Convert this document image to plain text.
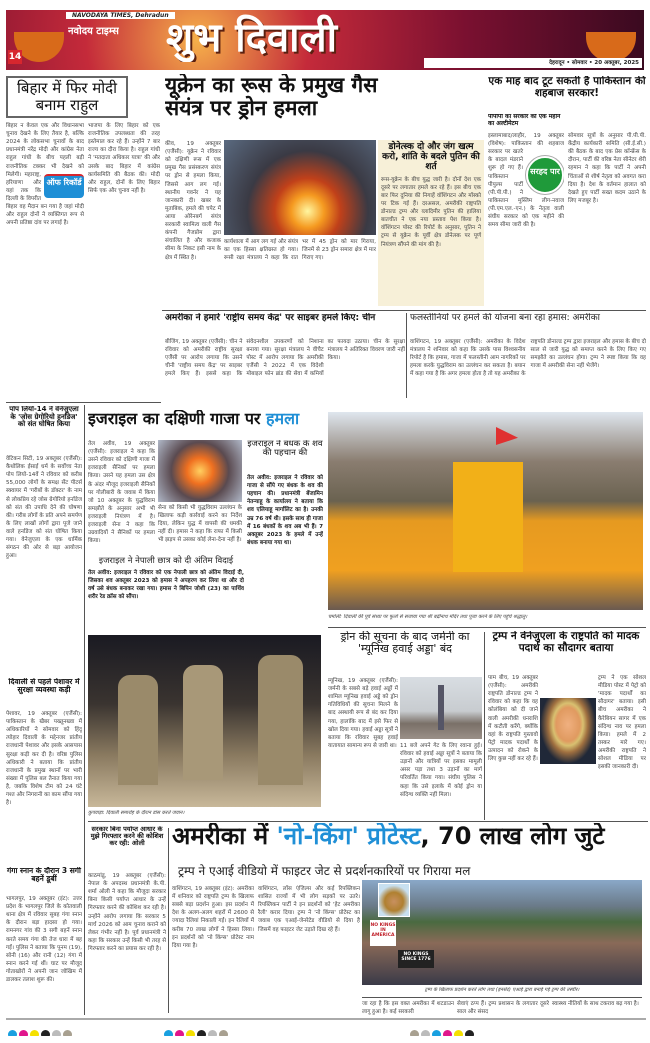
NAVODAYA TIMES, Dehradun
नवोदय टाइम्स शुभ दिवाली
14
देहरादून • सोमवार • 20 अक्तूबर, 2025
बिहार में फिर मोदी बनाम राहुल
ऑफ रिकॉर्ड
बिहार न केवल एक और विधानसभा चुनाव देखने के लिए तैयार है, बल्कि 2024 के लोकसभा चुनावों के बाद प्रधानमंत्री नरेंद्र मोदी और कांग्रेस नेता राहुल गांधी के बीच पहली बड़ी राजनीतिक टक्कर भी देखने को मिलेगी। महाराष्ट्र, हरियाणा और यहां तक कि दिल्ली के विपरीत बिहार वह मैदान बन गया है जहां मोदी और राहुल दोनों ने व्यक्तिगत रूप से अपनी प्रतिष्ठा दांव पर लगाई है।
भाजपा के लिए बिहार को एक राजनीतिक उपलब्धता की तरह इस्तेमाल कर रहे हैं। उन्होंने 7 बार राज्य का दौरा किया है। राहुल गांधी ने 'मतदाता अधिकार यात्रा' की और उसके बाद बिहार में कांग्रेस कार्यसमिति की बैठक की। मोदी और राहुल, दोनों के लिए बिहार सिर्फ एक और चुनाव नहीं है।
यूक्रेन का रूस के प्रमुख गैस संयंत्र पर ड्रोन हमला
कीव, 19 अक्तूबर (एजैंसी): यूक्रेन ने रविवार को दक्षिणी रूस में एक प्रमुख गैस प्रसंस्करण संयंत्र पर ड्रोन से हमला किया, जिससे आग लग गई। स्थानीय गवर्नर ने यह जानकारी दी। खबर के मुताबिक, हमले की चपेट में आया ओरेनबर्ग संयंत्र सरकारी स्वामित्व वाली गैस कंपनी गैजप्रोम द्वारा संचालित है और कजाक सीमा के निकट इसी नाम के क्षेत्र में स्थित है।
कार्यशाला में आग लग गई और संयंत्र का एक हिस्सा क्षतिग्रस्त हो गया। रूसी रक्षा मंत्रालय ने कहा कि रात भर में 45 ड्रोन को मार गिराया, जिनमें से 23 ड्रोन समारा क्षेत्र में मार गिराए गए।
डोनेत्स्क दो और जंग खत्म करो, शांति के बदले पुतिन की शर्त
रूस-यूक्रेन के बीच युद्ध जारी है। दोनों देश एक दूसरे पर लगातार हमले कर रहे हैं। इस बीच एक बार फिर दुनिया की निगाहें वॉशिंगटन और मॉस्को पर टिक गई हैं। दरअसल, अमरीकी राष्ट्रपति डोनाल्ड ट्रम्प और व्लादिमीर पुतिन की हालिया बातचीत ने एक नया प्रस्ताव पेश किया है। वॉशिंगटन पोस्ट की रिपोर्ट के अनुसार, पुतिन ने ट्रम्प से यूक्रेन के पूर्वी क्षेत्र डोनेत्स्क पर पूर्ण नियंत्रण सौंपने की मांग की है।
एक माह बाद टूट सकती है पाकिस्तान की शहबाज सरकार!
पीपीपी का सरकार को एक महीने का अल्टीमेटम
सरहद पार
इस्लामाबाद/लाहौर, 19 अक्तूबर (विशेष): पाकिस्तान की शहबाज सरकार पर खतरे के बादल मंडराने शुरू हो गए हैं। पाकिस्तान पीपुल्स पार्टी (पी.पी.पी.) ने पाकिस्तान मुस्लिम लीग-नवाज (पी.एम.एल.-एन.) के नेतृत्व वाली संघीय सरकार को एक महीने की समय सीमा जारी की है।
सोमवार सूत्रों के अनुसार पी.पी.पी. केंद्रीय कार्यकारी समिति (सी.ई.सी.) की बैठक के बाद एक प्रेस कॉन्फ्रेंस के दौरान, पार्टी की वरिष्ठ नेता सीनेटर शेरी रहमान ने कहा कि पार्टी ने अपनी चिंताओं से शीर्ष नेतृत्व को अवगत करा दिया है। देश के वर्तमान हालात को देखते हुए पार्टी सख्त कदम उठाने के लिए मजबूर है।
अमरीका ने हमारे 'राष्ट्रीय समय केंद्र' पर साइबर हमले किए: चीन
बीजिंग, 19 अक्तूबर (एजैंसी): चीन ने रविवार को अमरीकी राष्ट्रीय सुरक्षा एजैंसी पर आरोप लगाया कि उसने चीनी 'राष्ट्रीय समय केंद्र' पर साइबर हमले किए हैं। इससे कहा कि संवेदनशील उपकरणों को निशाना बनाया गया। सुरक्षा मंत्रालय ने वीचैट पोस्ट में आरोप लगाया कि अमरीकी एजैंसी ने 2022 में एक विदेशी मोबाइल फोन ब्रांड की सेवा में कमियों का फायदा उठाया। चीन के सुरक्षा मंत्रालय ने अतिरिक्त विवरण जारी नहीं किया।
फलस्तीनियों पर हमले की योजना बना रहा हमास: अमरीका
वाशिंगटन, 19 अक्तूबर (एजैंसी): अमरीका के विदेश मंत्रालय ने शनिवार को कहा कि उसके पास विश्वसनीय रिपोर्ट है कि हमास, गाजा में फलस्तीनी आम नागरिकों पर हमला करके युद्धविराम का उल्लंघन कर सकता है। बयान में कहा गया है कि अगर हमला होता है तो यह अमरीका के राष्ट्रपति डोनाल्ड ट्रम्प द्वारा इजराइल और हमास के बीच दो साल से जारी युद्ध को समाप्त करने के लिए किए गए समझौते का उल्लंघन होगा। ट्रम्प ने स्पष्ट किया कि वह गाजा में अमरीकी सेना नहीं भेजेंगे।
पोप लियो-14 ने वेनेजुएला के 'जोस ग्रेगोरियो हर्नांडेज' को संत घोषित किया
वेटिकन सिटी, 19 अक्तूबर (एजैंसी): कैथोलिक ईसाई धर्म के सर्वोच्च नेता पोप लियो-14वें ने रविवार को करीब 55,000 लोगों के समक्ष सेंट पीटर्स स्क्वायर में 'गरीबों के डॉक्टर' के नाम से लोकप्रिय रहे जोस ग्रेगोरियो हर्नांडेज को संत की उपाधि देने की घोषणा की। गरीब लोगों के प्रति अपने समर्पण के लिए लाखों लोगों द्वारा पूजे जाने वाले हर्नांडेज को संत घोषित किया गया। वेनेजुएला के एक धार्मिक संगठन की ओर से बड़ा आयोजन हुआ।
दिवाली से पहले पेशावर में सुरक्षा व्यवस्था कड़ी
पेशावर, 19 अक्तूबर (एजैंसी): पाकिस्तान के खैबर पख्तूनख्वा में अधिकारियों ने सोमवार को हिंदू त्योहार दिवाली के मद्देनजर प्रांतीय राजधानी पेशावर और इसके आसपास सुरक्षा कड़ी कर दी है। वरिष्ठ पुलिस अधिकारी ने बताया कि प्रांतीय राजधानी के प्रमुख स्थानों पर भारी संख्या में पुलिस बल तैनात किया गया है, जबकि विशेष टीम को 24 घंटे गश्त और निगरानी का काम सौंपा गया है।
गंगा स्नान के दौरान 3 सगी बहनें डूबीं
भागलपुर, 19 अक्तूबर (इंट): उत्तर प्रदेश के भागलपुर जिले के कोतवाली थाना क्षेत्र में रविवार सुबह गंगा स्नान के दौरान बड़ा हादसा हो गया। रामनगर गांव की 3 सगी बहनें स्नान करते समय गंगा की तेज धारा में बह गईं। पुलिस ने बताया कि पूनम (19), सोनी (16) और रानी (12) गंगा में स्नान करने गई थीं। घाट पर मौजूद गोताखोरों ने अपनी जान जोखिम में डालकर तलाश शुरू की।
इजराइल का दक्षिणी गाजा पर हमला
तेल अवीव, 19 अक्तूबर (एजैंसी): इजराइल ने कहा कि उसने रविवार को दक्षिणी गाजा में इजराइली सैनिकों पर हमला किया। उसने यह हमला उस क्षेत्र के अंदर मौजूद इजराइली सैनिकों पर गोलीबारी के जवाब में किया जो 10 अक्तूबर के युद्धविराम समझौते के अनुसार अभी भी इजराइली नियंत्रण में है। इजराइली सेना ने कहा कि उग्रवादियों ने सैनिकों पर हमला किया।
सेना को किसी भी युद्धविराम उल्लंघन के खिलाफ कड़ी कार्रवाई करने का निर्देश दिया, लेकिन युद्ध में वापसी की धमकी नहीं दी। हमास ने कहा कि राफा में किसी भी झड़प से उसका कोई लेना-देना नहीं है।
इजराइल ने बंधक के शव की पहचान की
तेल अवीव: इजराइल ने रविवार को गाजा से सौंपे गए बंधक के शव की पहचान की। प्रधानमंत्री बेंजामिन नेतन्याहू के कार्यालय ने बताया कि शव एलियाहू मार्गालिट का है। उनकी उम्र 76 वर्ष थी। इसके साथ ही गाजा में 16 बंधकों के शव अब भी हैं। 7 अक्तूबर 2023 के हमले में उन्हें बंधक बनाया गया था।
इजराइल ने नेपाली छात्र को दी अंतिम विदाई
तेल अवीव: इजराइल ने रविवार को एक नेपाली छात्र को अंतिम विदाई दी, जिसका शव अक्तूबर 2023 को हमास ने अपहरण कर लिया था और दो वर्ष उसे बंधक बनाकर रखा गया। हमास ने बिपिन जोशी (23) का पार्थिव शरीर रेड क्रॉस को सौंपा।
कुपवाड़ा: दिवाली समारोह के दौरान डांस करते जवान।
चमोली: दिवाली की पूर्व संध्या पर फूलों से सजाया गया श्री बद्रीनाथ मंदिर तथा पूजा करने के लिए पहुंचे श्रद्धालु।
ड्रोन की सूचना के बाद जर्मनी का 'म्यूनिख हवाई अड्डा' बंद
म्यूनिख, 19 अक्तूबर (एजैंसी): जर्मनी के सबसे बड़े हवाई अड्डों में शामिल म्यूनिख हवाई अड्डे को ड्रोन गतिविधियों की सूचना मिलने के बाद अस्थायी रूप से बंद कर दिया गया, हालांकि बाद में इसे फिर से खोल दिया गया। हवाई अड्डा सूत्रों ने बताया कि रविवार सुबह हवाई यातायात सामान्य रूप से जारी था। 11 बजे अपने गेट के लिए रवाना हुई। रविवार को हवाई अड्डा सूत्रों ने बताया कि उड़ानों और यात्रियों पर इसका मामूली असर पड़ा तथा 3 उड़ानों का मार्ग परिवर्तित किया गया। संघीय पुलिस ने कहा कि उसे इलाके में कोई ड्रोन या संदिग्ध व्यक्ति नहीं मिला।
ट्रम्प ने वेनेजुएला के राष्ट्रपति को मादक पदार्थ का सौदागर बताया
पाम बीच, 19 अक्तूबर (एजैंसी): अमरीकी राष्ट्रपति डोनाल्ड ट्रम्प ने रविवार को कहा कि वह कोलंबिया को दी जाने वाली अमरीकी धनराशि में कटौती करेंगे, क्योंकि वहां के राष्ट्रपति गुस्तावो पेट्रो मादक पदार्थों के उत्पादन को रोकने के लिए कुछ नहीं कर रहे हैं।
ट्रम्प ने एक सोशल मीडिया पोस्ट में पेट्रो को 'मादक पदार्थों का सौदागर' बताया। इसी बीच अमरीका ने कैरेबियन सागर में एक संदिग्ध नाव पर हमला किया। हमले में 2 तस्कर मारे गए। अमरीकी राष्ट्रपति ने सोशल मीडिया पर इसकी जानकारी दी।
सरकार बिना पर्याप्त आधार के मुझे गिरफ्तार करने की कोशिश कर रही: ओली
काठमांडू, 19 अक्तूबर (एजैंसी): नेपाल के अपदस्थ प्रधानमंत्री के.पी. शर्मा ओली ने कहा कि मौजूदा सरकार बिना किसी पर्याप्त आधार के उन्हें गिरफ्तार करने की कोशिश कर रही है। उन्होंने आरोप लगाया कि सरकार 5 मार्च 2026 को आम चुनाव कराने को लेकर गंभीर नहीं है। पूर्व प्रधानमंत्री ने कहा कि सरकार उन्हें किसी भी तरह से गिरफ्तार करने का प्रयास कर रही है।
अमरीका में 'नो-किंग' प्रोटेस्ट, 70 लाख लोग जुटे
ट्रम्प ने एआई वीडियो में फाइटर जेट से प्रदर्शनकारियों पर गिराया मल
वाशिंगटन, 19 अक्तूबर (इंट): अमरीका में शनिवार को राष्ट्रपति ट्रम्प के खिलाफ सबसे बड़ा प्रदर्शन हुआ। इस प्रदर्शन में देश के अलग-अलग शहरों में 2600 से ज्यादा रैलियां निकाली गईं। इन रैलियों में करीब 70 लाख लोगों ने हिस्सा लिया। इन प्रदर्शनों को 'नो किंग्स' प्रोटेस्ट नाम दिया गया है।
वाशिंगटन, लॉस एंजिल्स और कई रिपब्लिकन शासित राज्यों में भी लोग सड़कों पर उतरे। रिपब्लिकन पार्टी ने इन प्रदर्शनों को 'हेट अमरीका रैली' करार दिया। ट्रम्प ने 'नो किंग्स' प्रोटेस्ट का जवाब एक एआई-जेनरेटेड वीडियो से दिया है जिसमें वह फाइटर जेट उड़ाते दिख रहे हैं।
NO KINGS IN AMERICA
NO KINGS SINCE 1776
ट्रम्प के खिलाफ प्रदर्शन करते लोग तथा (इनसेट) एआई द्वारा बनाई गई ट्रम्प की तस्वीर।
जा रहा है कि इस वक्त अमरीका में शटडाउन लागू हुआ है। कई सरकारी
सेवाएं ठप्प हैं। ट्रम्प प्रशासन के लगातार दूसरे साल और संसद
स्वास्थ्य नीतियों के साथ टकराव बढ़ गया है।
